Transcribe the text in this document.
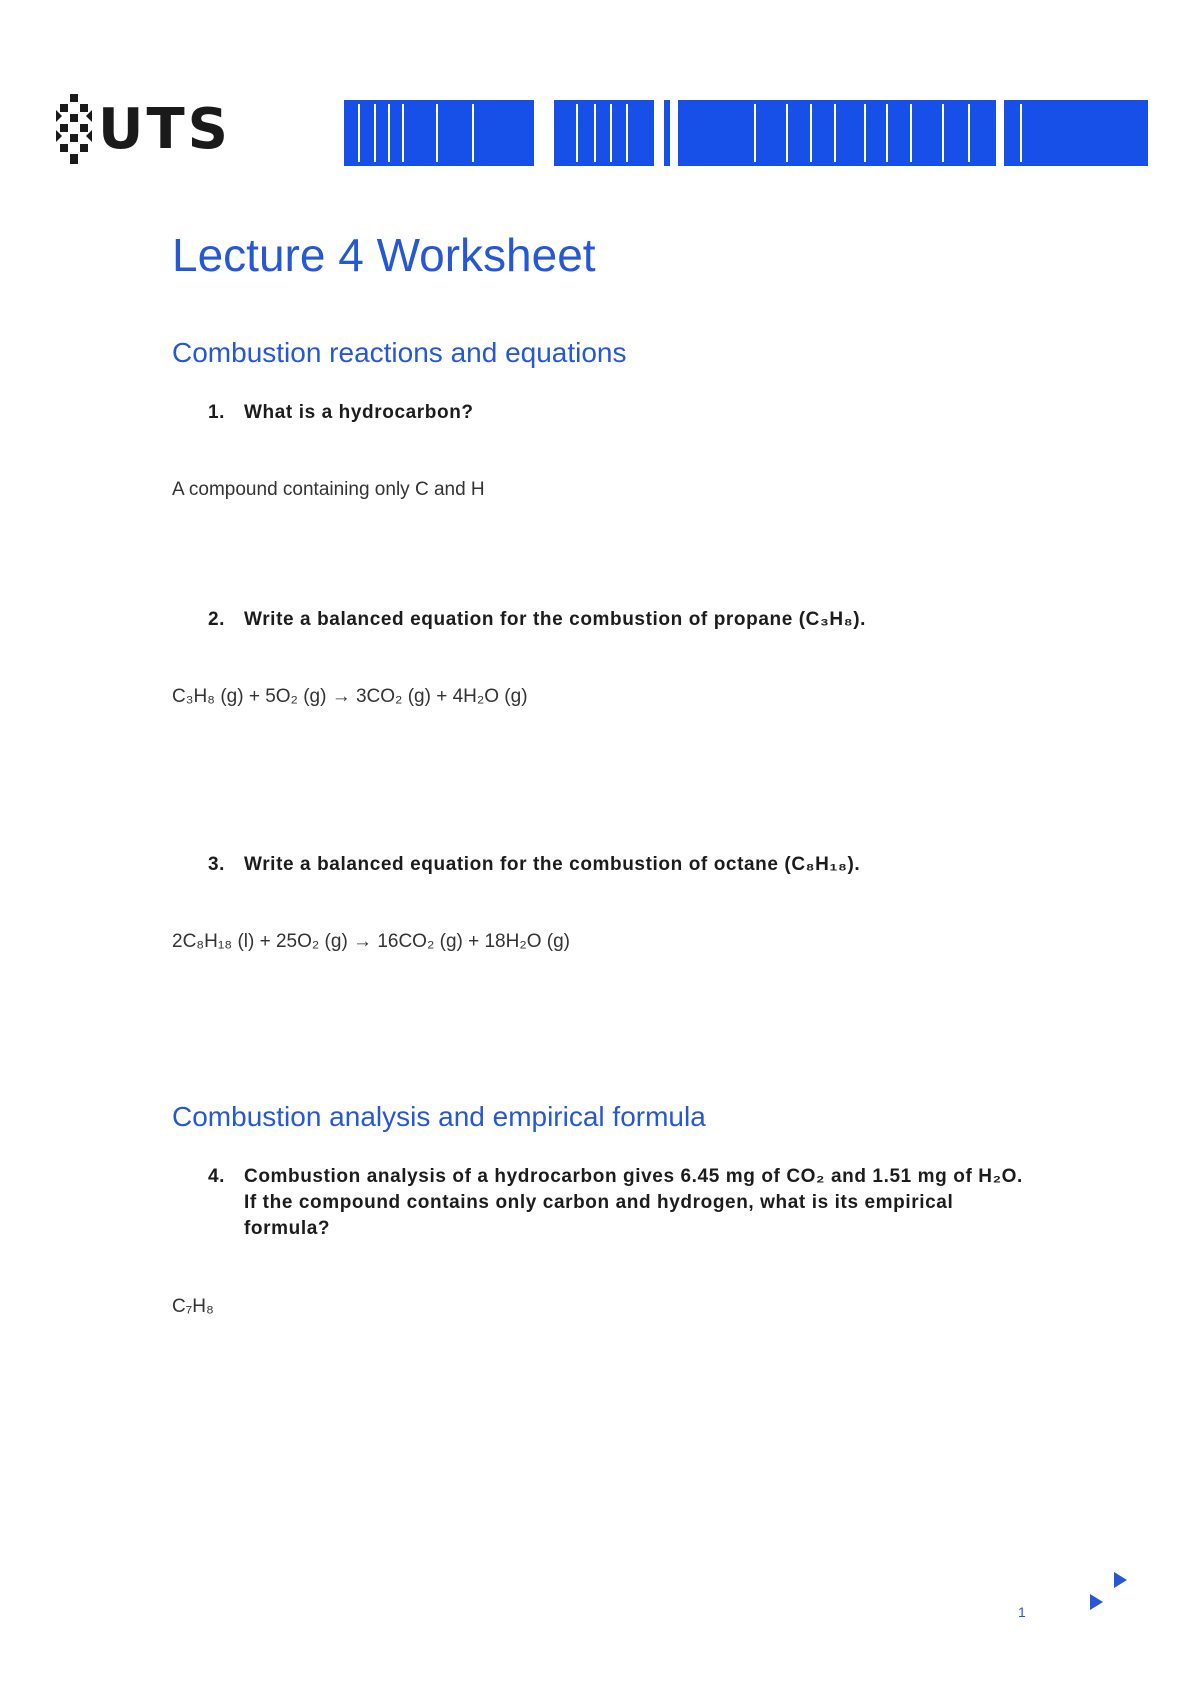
UTS
Lecture 4 Worksheet
Combustion reactions and equations

1. What is a hydrocarbon?

A compound containing only C and H

2. Write a balanced equation for the combustion of propane (C₃H₈).

C₃H₈ (g) + 5O₂ (g) → 3CO₂ (g) + 4H₂O (g)

3. Write a balanced equation for the combustion of octane (C₈H₁₈).

2C₈H₁₈ (l) + 25O₂ (g) → 16CO₂ (g) + 18H₂O (g)

Combustion analysis and empirical formula

4. Combustion analysis of a hydrocarbon gives 6.45 mg of CO₂ and 1.51 mg of H₂O. If the compound contains only carbon and hydrogen, what is its empirical formula?

C₇H₈

1
